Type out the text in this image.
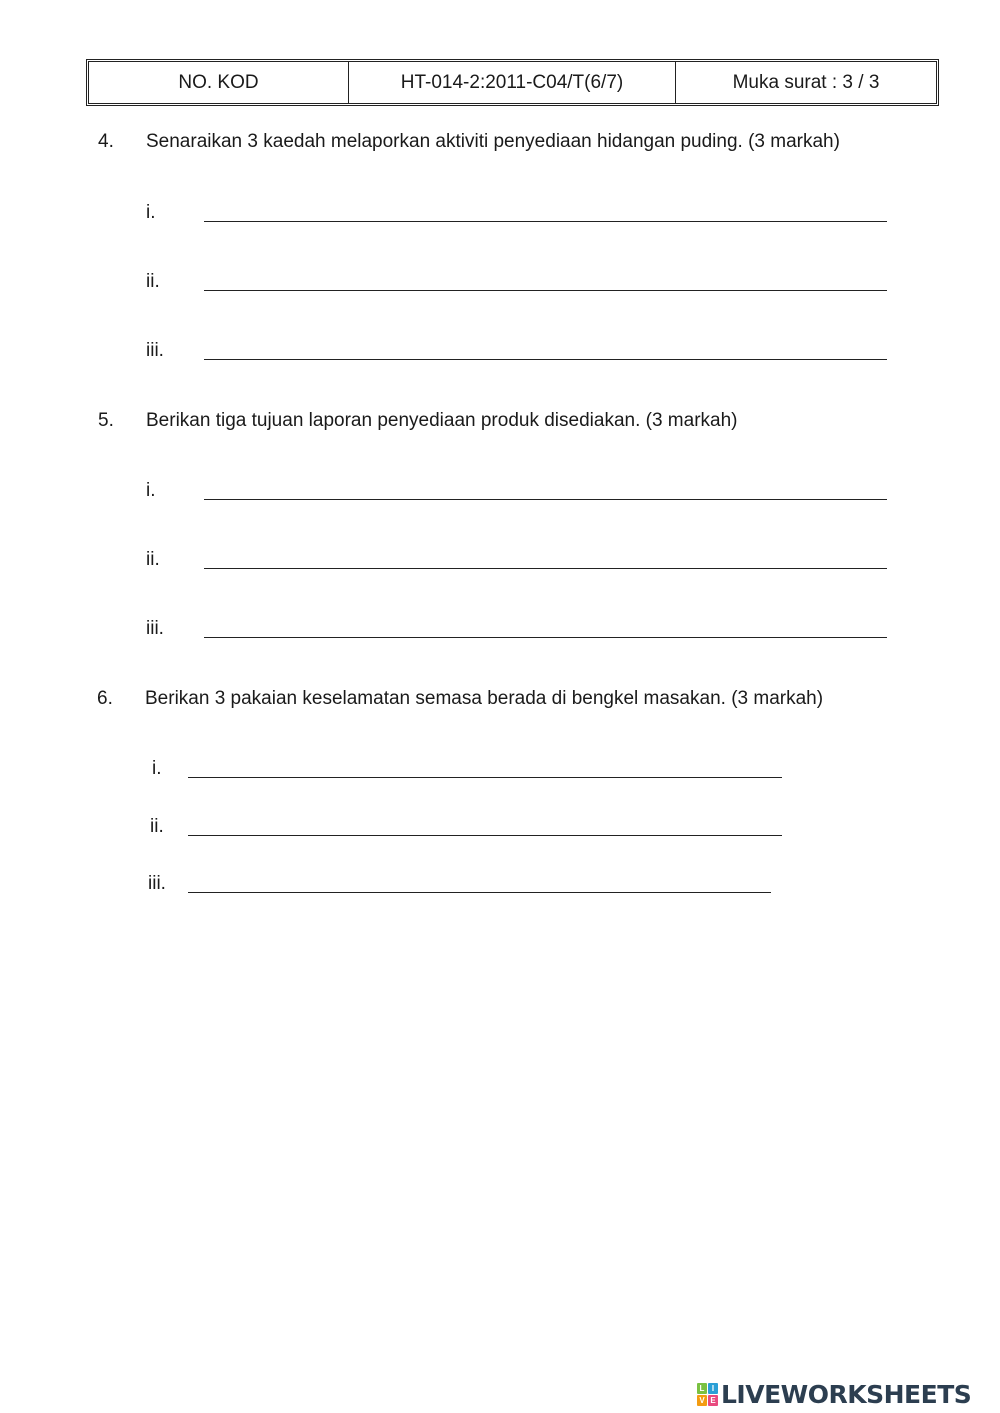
NO. KOD	HT-014-2:2011-C04/T(6/7)	Muka surat : 3 / 3
4. Senaraikan 3 kaedah melaporkan aktiviti penyediaan hidangan puding. (3 markah)
i.
ii.
iii.
5. Berikan tiga tujuan laporan penyediaan produk disediakan. (3 markah)
i.
ii.
iii.
6. Berikan 3 pakaian keselamatan semasa berada di bengkel masakan. (3 markah)
i.
ii.
iii.
L I
V E LIVEWORKSHEETS
